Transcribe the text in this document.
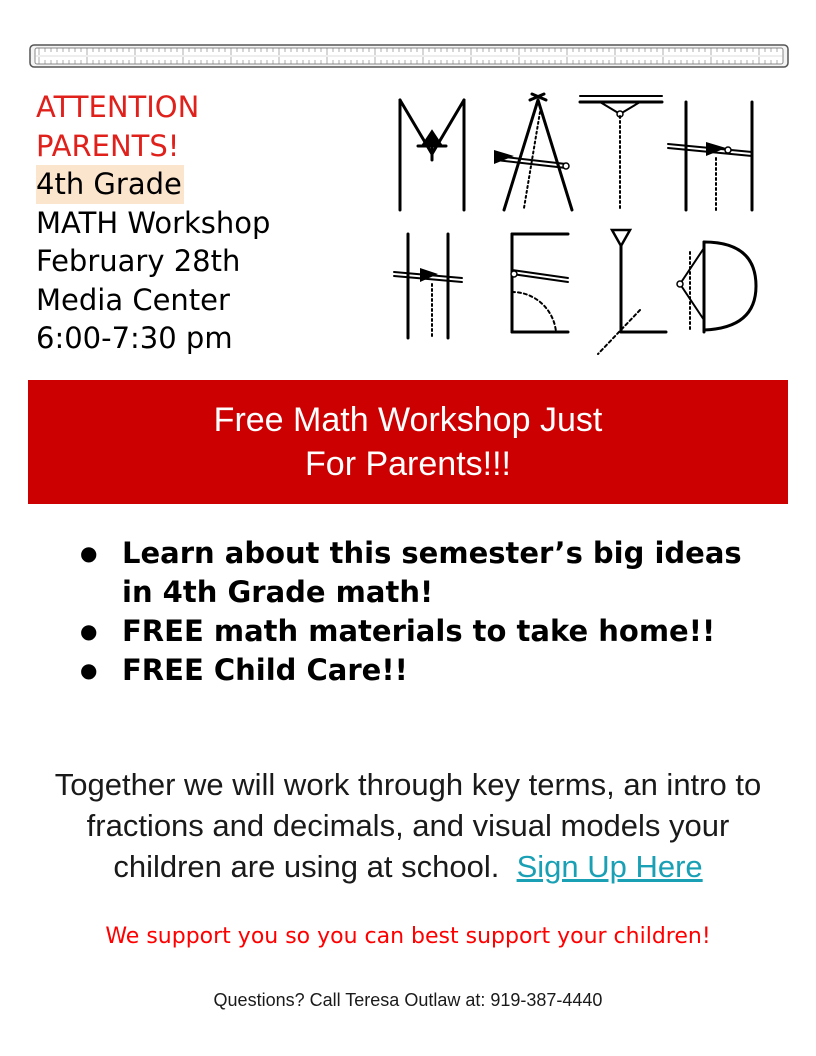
ATTENTION
PARENTS!
4th Grade
MATH Workshop
February 28th
Media Center
6:00-7:30 pm
Free Math Workshop Just
For Parents!!!
● Learn about this semester’s big ideas in 4th Grade math!
● FREE math materials to take home!!
● FREE Child Care!!

Together we will work through key terms, an intro to fractions and decimals, and visual models your children are using at school. Sign Up Here

We support you so you can best support your children!
Questions? Call Teresa Outlaw at: 919-387-4440
